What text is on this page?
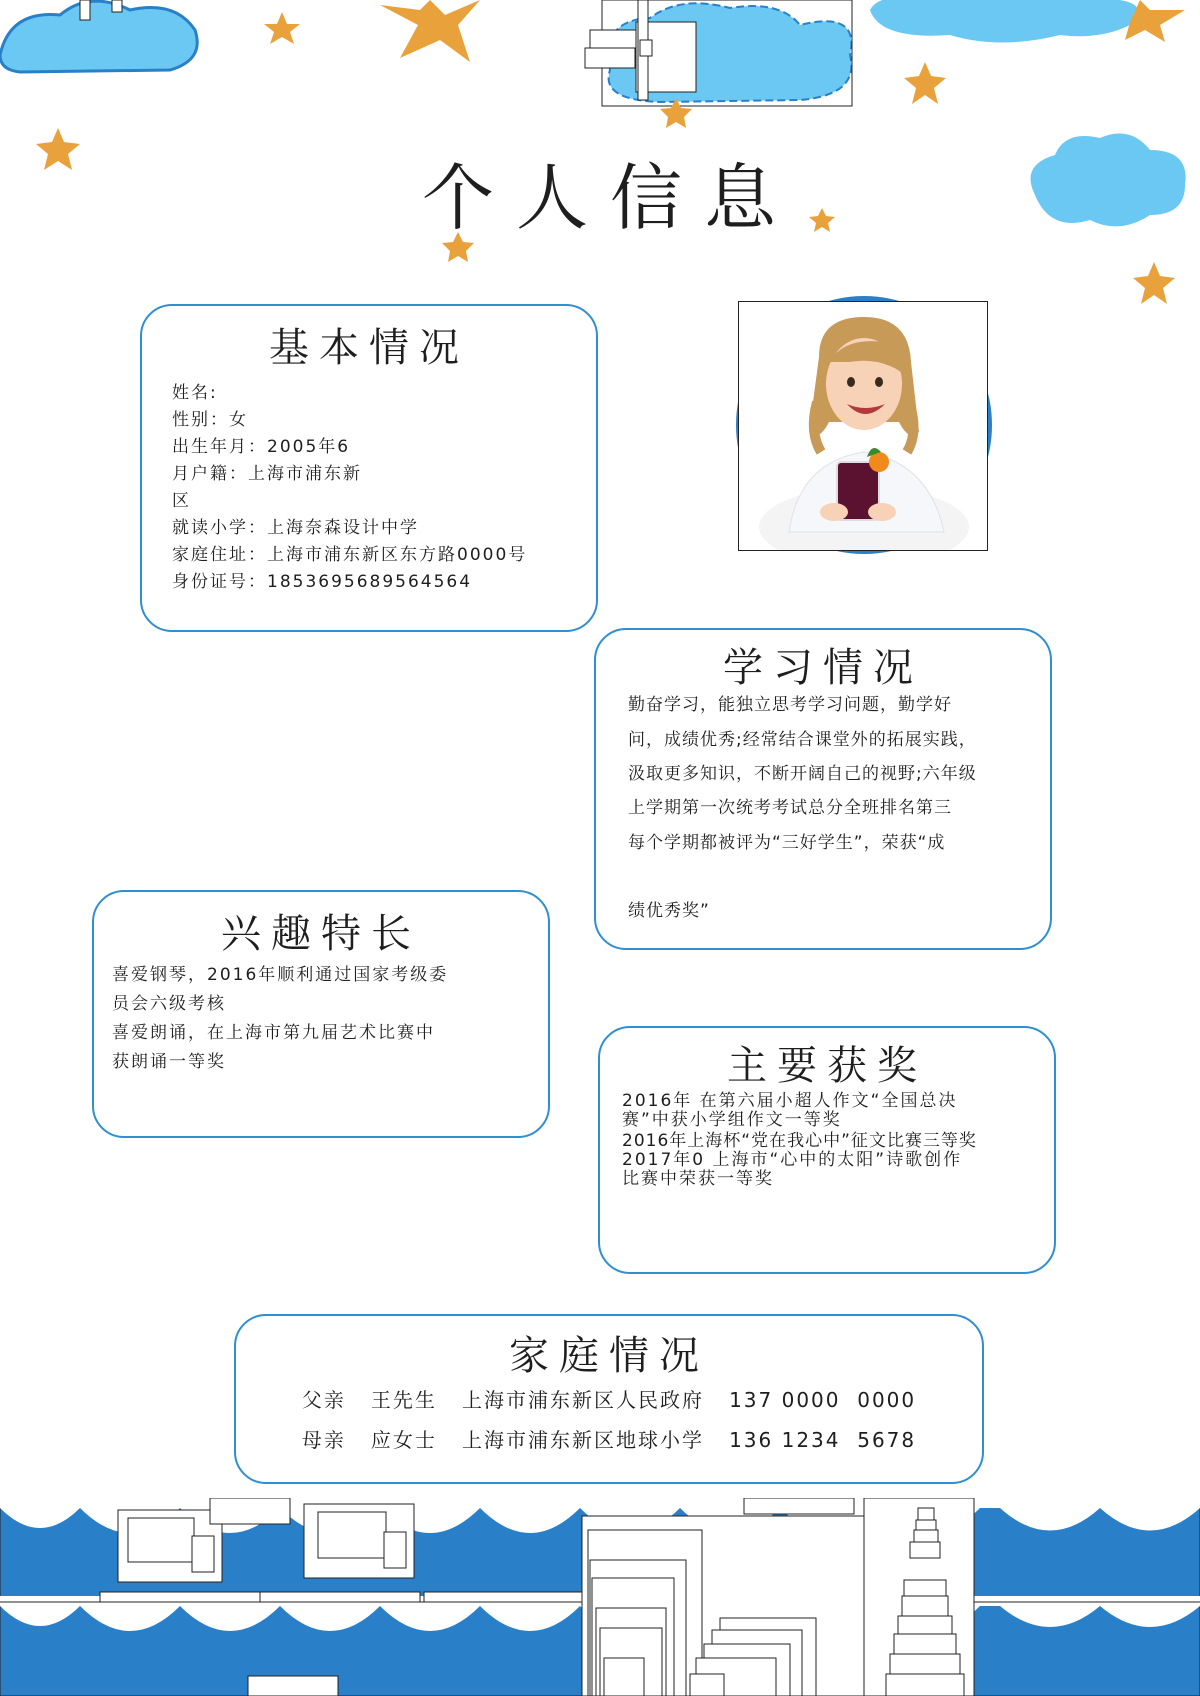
个人信息
基本情况
姓名:
性别：女
出生年月：2005年6
月户籍：上海市浦东新
区
就读小学：上海奈森设计中学
家庭住址：上海市浦东新区东方路0000号
身份证号：1853695689564564
学习情况
勤奋学习，能独立思考学习问题，勤学好
问，成绩优秀;经常结合课堂外的拓展实践，
汲取更多知识，不断开阔自己的视野;六年级
上学期第一次统考考试总分全班排名第三
每个学期都被评为“三好学生”，荣获“成
绩优秀奖”
兴趣特长
喜爱钢琴，2016年顺利通过国家考级委
员会六级考核
喜爱朗诵，在上海市第九届艺术比赛中
获朗诵一等奖	主要获奖
2016年 在第六届小超人作文“全国总决
赛”中获小学组作文一等奖
2016年上海杯“党在我心中”征文比赛三等奖
2017年0 上海市“心中的太阳”诗歌创作
比赛中荣获一等奖
家庭情况
父亲   王先生   上海市浦东新区人民政府   137 0000  0000
母亲   应女士   上海市浦东新区地球小学   136 1234  5678
